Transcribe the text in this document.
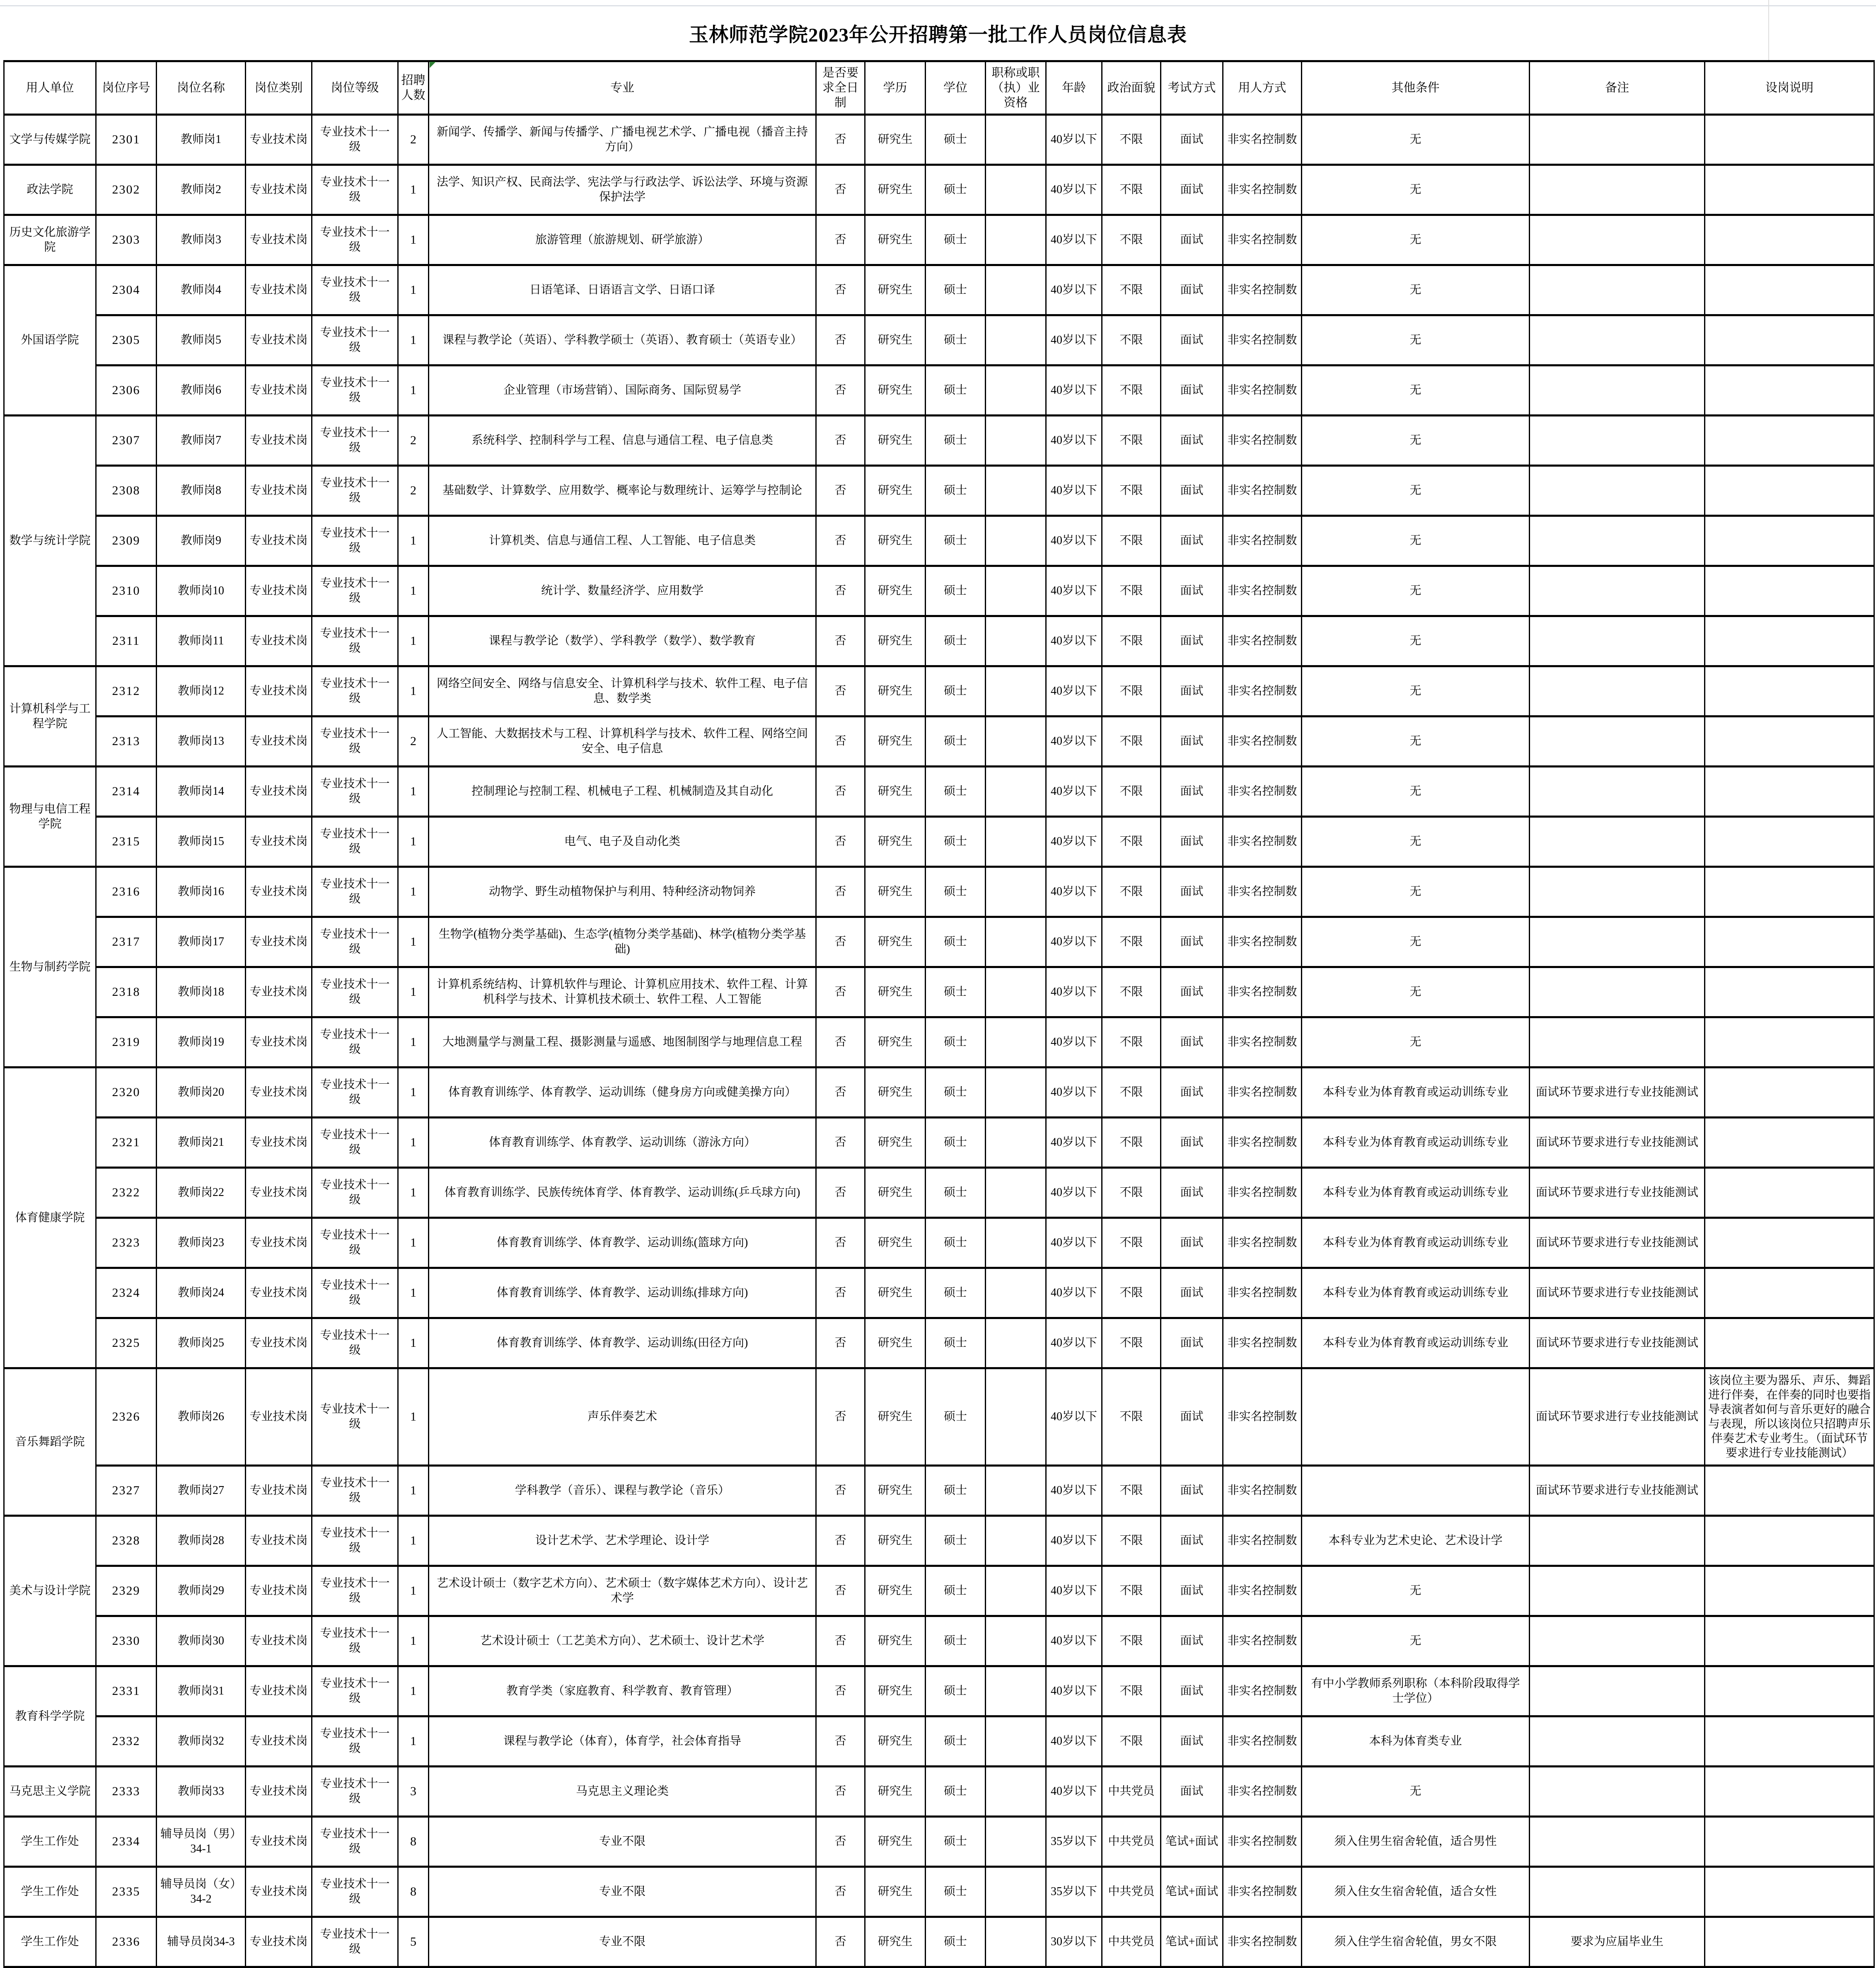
玉林师范学院2023年公开招聘第一批工作人员岗位信息表
用人单位	岗位序号	岗位名称	岗位类别	岗位等级	招聘人数	专业	是否要求全日制	学历	学位	职称或职（执）业资格	年龄	政治面貌	考试方式	用人方式	其他条件	备注	设岗说明
文学与传媒学院	2301	教师岗1	专业技术岗	专业技术十一级	2	新闻学、传播学、新闻与传播学、广播电视艺术学、广播电视（播音主持方向）	否	研究生	硕士		40岁以下	不限	面试	非实名控制数	无		
政法学院	2302	教师岗2	专业技术岗	专业技术十一级	1	法学、知识产权、民商法学、宪法学与行政法学、诉讼法学、环境与资源保护法学	否	研究生	硕士		40岁以下	不限	面试	非实名控制数	无		
历史文化旅游学院	2303	教师岗3	专业技术岗	专业技术十一级	1	旅游管理（旅游规划、研学旅游）	否	研究生	硕士		40岁以下	不限	面试	非实名控制数	无		
外国语学院	2304	教师岗4	专业技术岗	专业技术十一级	1	日语笔译、日语语言文学、日语口译	否	研究生	硕士		40岁以下	不限	面试	非实名控制数	无		
	2305	教师岗5	专业技术岗	专业技术十一级	1	课程与教学论（英语）、学科教学硕士（英语）、教育硕士（英语专业）	否	研究生	硕士		40岁以下	不限	面试	非实名控制数	无		
	2306	教师岗6	专业技术岗	专业技术十一级	1	企业管理（市场营销）、国际商务、国际贸易学	否	研究生	硕士		40岁以下	不限	面试	非实名控制数	无		
数学与统计学院	2307	教师岗7	专业技术岗	专业技术十一级	2	系统科学、控制科学与工程、信息与通信工程、电子信息类	否	研究生	硕士		40岁以下	不限	面试	非实名控制数	无		
	2308	教师岗8	专业技术岗	专业技术十一级	2	基础数学、计算数学、应用数学、概率论与数理统计、运筹学与控制论	否	研究生	硕士		40岁以下	不限	面试	非实名控制数	无		
	2309	教师岗9	专业技术岗	专业技术十一级	1	计算机类、信息与通信工程、人工智能、电子信息类	否	研究生	硕士		40岁以下	不限	面试	非实名控制数	无		
	2310	教师岗10	专业技术岗	专业技术十一级	1	统计学、数量经济学、应用数学	否	研究生	硕士		40岁以下	不限	面试	非实名控制数	无		
	2311	教师岗11	专业技术岗	专业技术十一级	1	课程与教学论（数学）、学科教学（数学）、数学教育	否	研究生	硕士		40岁以下	不限	面试	非实名控制数	无		
计算机科学与工程学院	2312	教师岗12	专业技术岗	专业技术十一级	1	网络空间安全、网络与信息安全、计算机科学与技术、软件工程、电子信息、数学类	否	研究生	硕士		40岁以下	不限	面试	非实名控制数	无		
	2313	教师岗13	专业技术岗	专业技术十一级	2	人工智能、大数据技术与工程、计算机科学与技术、软件工程、网络空间安全、电子信息	否	研究生	硕士		40岁以下	不限	面试	非实名控制数	无		
物理与电信工程学院	2314	教师岗14	专业技术岗	专业技术十一级	1	控制理论与控制工程、机械电子工程、机械制造及其自动化	否	研究生	硕士		40岁以下	不限	面试	非实名控制数	无		
	2315	教师岗15	专业技术岗	专业技术十一级	1	电气、电子及自动化类	否	研究生	硕士		40岁以下	不限	面试	非实名控制数	无		
生物与制药学院	2316	教师岗16	专业技术岗	专业技术十一级	1	动物学、野生动植物保护与利用、特种经济动物饲养	否	研究生	硕士		40岁以下	不限	面试	非实名控制数	无		
	2317	教师岗17	专业技术岗	专业技术十一级	1	生物学(植物分类学基础)、生态学(植物分类学基础)、林学(植物分类学基础)	否	研究生	硕士		40岁以下	不限	面试	非实名控制数	无		
	2318	教师岗18	专业技术岗	专业技术十一级	1	计算机系统结构、计算机软件与理论、计算机应用技术、软件工程、计算机科学与技术、计算机技术硕士、软件工程、人工智能	否	研究生	硕士		40岁以下	不限	面试	非实名控制数	无		
	2319	教师岗19	专业技术岗	专业技术十一级	1	大地测量学与测量工程、摄影测量与遥感、地图制图学与地理信息工程	否	研究生	硕士		40岁以下	不限	面试	非实名控制数	无		
体育健康学院	2320	教师岗20	专业技术岗	专业技术十一级	1	体育教育训练学、体育教学、运动训练（健身房方向或健美操方向）	否	研究生	硕士		40岁以下	不限	面试	非实名控制数	本科专业为体育教育或运动训练专业	面试环节要求进行专业技能测试	
	2321	教师岗21	专业技术岗	专业技术十一级	1	体育教育训练学、体育教学、运动训练（游泳方向）	否	研究生	硕士		40岁以下	不限	面试	非实名控制数	本科专业为体育教育或运动训练专业	面试环节要求进行专业技能测试	
	2322	教师岗22	专业技术岗	专业技术十一级	1	体育教育训练学、民族传统体育学、体育教学、运动训练(乒乓球方向)	否	研究生	硕士		40岁以下	不限	面试	非实名控制数	本科专业为体育教育或运动训练专业	面试环节要求进行专业技能测试	
	2323	教师岗23	专业技术岗	专业技术十一级	1	体育教育训练学、体育教学、运动训练(篮球方向)	否	研究生	硕士		40岁以下	不限	面试	非实名控制数	本科专业为体育教育或运动训练专业	面试环节要求进行专业技能测试	
	2324	教师岗24	专业技术岗	专业技术十一级	1	体育教育训练学、体育教学、运动训练(排球方向)	否	研究生	硕士		40岁以下	不限	面试	非实名控制数	本科专业为体育教育或运动训练专业	面试环节要求进行专业技能测试	
	2325	教师岗25	专业技术岗	专业技术十一级	1	体育教育训练学、体育教学、运动训练(田径方向)	否	研究生	硕士		40岁以下	不限	面试	非实名控制数	本科专业为体育教育或运动训练专业	面试环节要求进行专业技能测试	
音乐舞蹈学院	2326	教师岗26	专业技术岗	专业技术十一级	1	声乐伴奏艺术	否	研究生	硕士		40岁以下	不限	面试	非实名控制数		面试环节要求进行专业技能测试	该岗位主要为器乐、声乐、舞蹈进行伴奏，在伴奏的同时也要指导表演者如何与音乐更好的融合与表现，所以该岗位只招聘声乐伴奏艺术专业考生。（面试环节要求进行专业技能测试）
	2327	教师岗27	专业技术岗	专业技术十一级	1	学科教学（音乐）、课程与教学论（音乐）	否	研究生	硕士		40岁以下	不限	面试	非实名控制数		面试环节要求进行专业技能测试	
美术与设计学院	2328	教师岗28	专业技术岗	专业技术十一级	1	设计艺术学、艺术学理论、设计学	否	研究生	硕士		40岁以下	不限	面试	非实名控制数	本科专业为艺术史论、艺术设计学		
	2329	教师岗29	专业技术岗	专业技术十一级	1	艺术设计硕士（数字艺术方向）、艺术硕士（数字媒体艺术方向）、设计艺术学	否	研究生	硕士		40岁以下	不限	面试	非实名控制数	无		
	2330	教师岗30	专业技术岗	专业技术十一级	1	艺术设计硕士（工艺美术方向）、艺术硕士、设计艺术学	否	研究生	硕士		40岁以下	不限	面试	非实名控制数	无		
教育科学学院	2331	教师岗31	专业技术岗	专业技术十一级	1	教育学类（家庭教育、科学教育、教育管理）	否	研究生	硕士		40岁以下	不限	面试	非实名控制数	有中小学教师系列职称（本科阶段取得学士学位）		
	2332	教师岗32	专业技术岗	专业技术十一级	1	课程与教学论（体育），体育学，社会体育指导	否	研究生	硕士		40岁以下	不限	面试	非实名控制数	本科为体育类专业		
马克思主义学院	2333	教师岗33	专业技术岗	专业技术十一级	3	马克思主义理论类	否	研究生	硕士		40岁以下	中共党员	面试	非实名控制数	无		
学生工作处	2334	辅导员岗（男）34-1	专业技术岗	专业技术十一级	8	专业不限	否	研究生	硕士		35岁以下	中共党员	笔试+面试	非实名控制数	须入住男生宿舍轮值，适合男性		
学生工作处	2335	辅导员岗（女）34-2	专业技术岗	专业技术十一级	8	专业不限	否	研究生	硕士		35岁以下	中共党员	笔试+面试	非实名控制数	须入住女生宿舍轮值，适合女性		
学生工作处	2336	辅导员岗34-3	专业技术岗	专业技术十一级	5	专业不限	否	研究生	硕士		30岁以下	中共党员	笔试+面试	非实名控制数	须入住学生宿舍轮值，男女不限	要求为应届毕业生	
